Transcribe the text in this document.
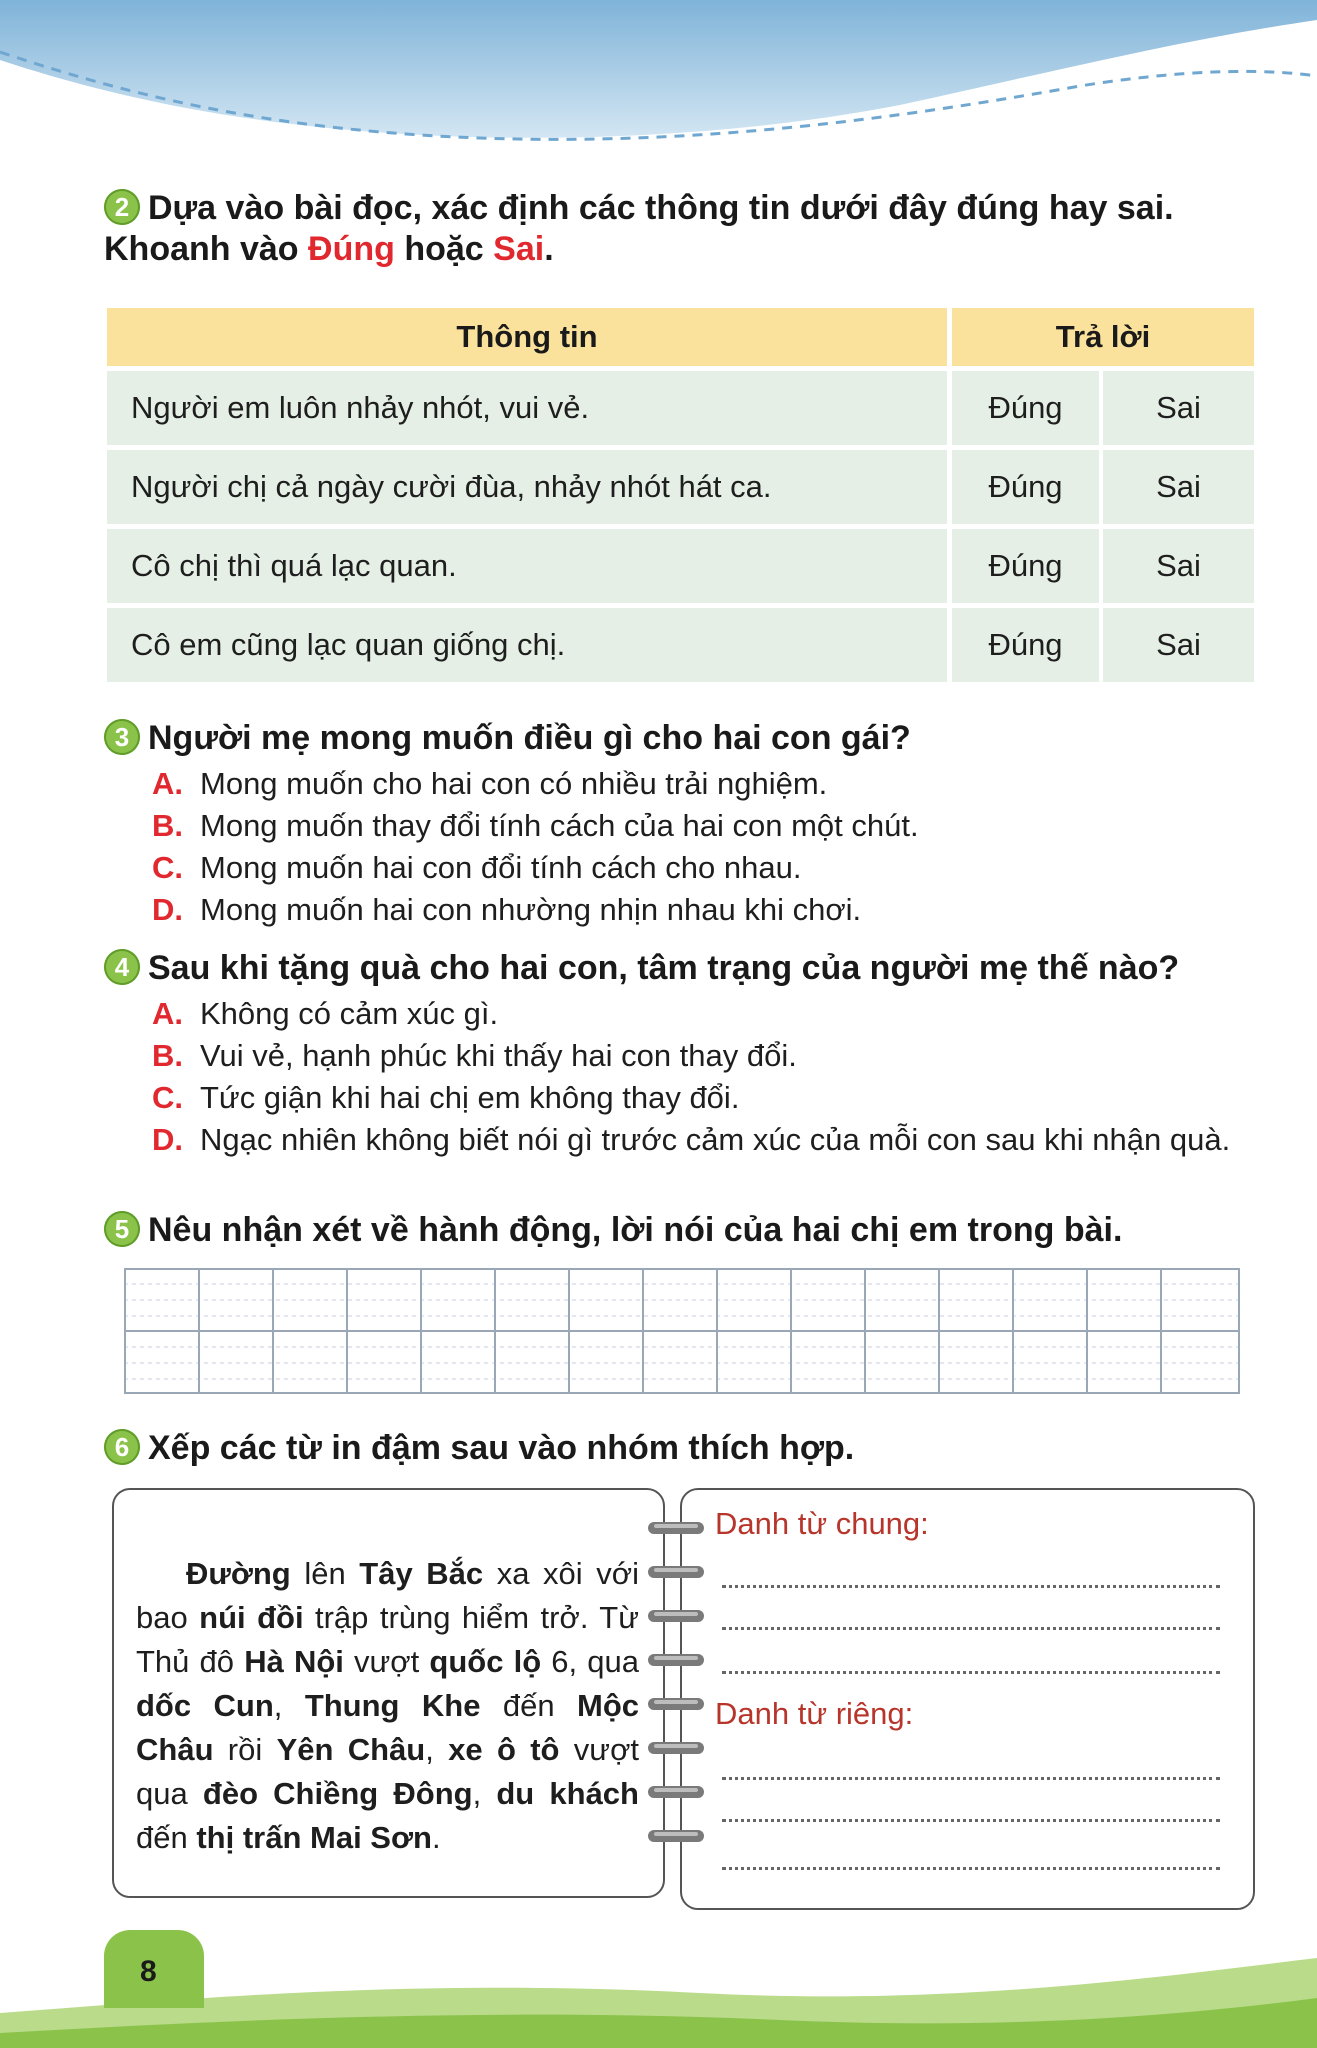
2 Dựa vào bài đọc, xác định các thông tin dưới đây đúng hay sai.
Khoanh vào Đúng hoặc Sai.
Thông tin	Trả lời	
Người em luôn nhảy nhót, vui vẻ.	Đúng	Sai
Người chị cả ngày cười đùa, nhảy nhót hát ca.	Đúng	Sai
Cô chị thì quá lạc quan.	Đúng	Sai
Cô em cũng lạc quan giống chị.	Đúng	Sai
3 Người mẹ mong muốn điều gì cho hai con gái?
A. Mong muốn cho hai con có nhiều trải nghiệm.
B. Mong muốn thay đổi tính cách của hai con một chút.
C. Mong muốn hai con đổi tính cách cho nhau.
D. Mong muốn hai con nhường nhịn nhau khi chơi.
4 Sau khi tặng quà cho hai con, tâm trạng của người mẹ thế nào?
A. Không có cảm xúc gì.
B. Vui vẻ, hạnh phúc khi thấy hai con thay đổi.
C. Tức giận khi hai chị em không thay đổi.
D. Ngạc nhiên không biết nói gì trước cảm xúc của mỗi con sau khi nhận quà.
5 Nêu nhận xét về hành động, lời nói của hai chị em trong bài.
6 Xếp các từ in đậm sau vào nhóm thích hợp.

Đường lên Tây Bắc xa xôi với bao núi đồi trập trùng hiểm trở. Từ Thủ đô Hà Nội vượt quốc lộ 6, qua dốc Cun, Thung Khe đến Mộc Châu rồi Yên Châu, xe ô tô vượt qua đèo Chiềng Đông, du khách đến thị trấn Mai Sơn.

Danh từ chung:
Danh từ riêng:
8
